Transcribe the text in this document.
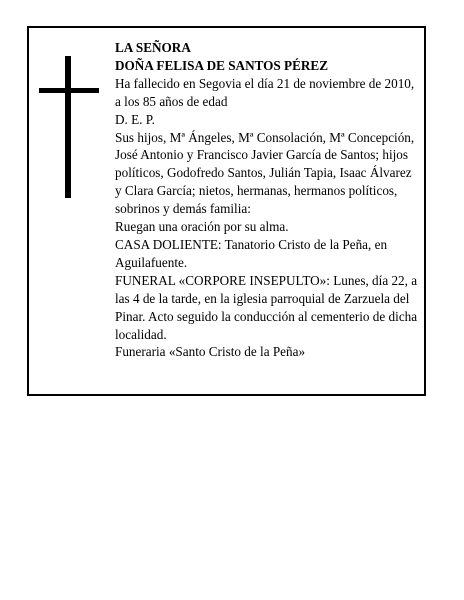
LA SEÑORA
DOÑA FELISA DE SANTOS PÉREZ
Ha fallecido en Segovia el día 21 de noviembre de 2010, a los 85 años de edad
D. E. P.
Sus hijos, Mª Ángeles, Mª Consolación, Mª Concepción, José Antonio y Francisco Javier García de Santos; hijos políticos, Godofredo Santos, Julián Tapia, Isaac Álvarez y Clara García; nietos, hermanas, hermanos políticos, sobrinos y demás familia:
Ruegan una oración por su alma.
CASA DOLIENTE: Tanatorio Cristo de la Peña, en Aguilafuente.
FUNERAL «CORPORE INSEPULTO»: Lunes, día 22, a las 4 de la tarde, en la iglesia parroquial de Zarzuela del Pinar. Acto seguido la conducción al cementerio de dicha localidad.
Funeraria «Santo Cristo de la Peña»
